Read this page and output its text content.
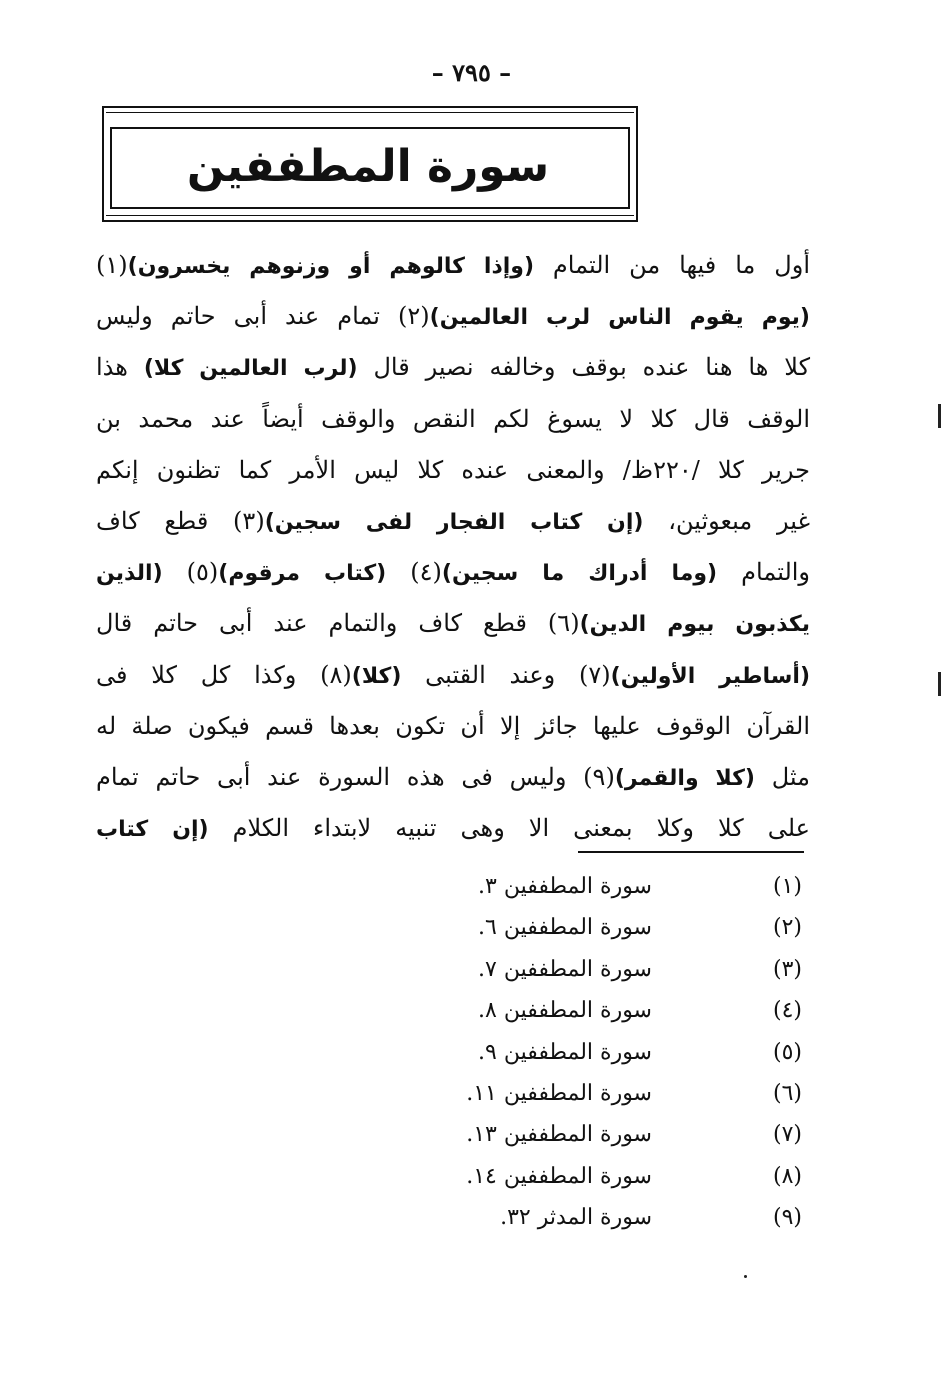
– ٧٩٥ –
سورة المطففين
أول ما فيها من التمام (وإذا كالوهم أو وزنوهم يخسرون)(١)
(يوم يقوم الناس لرب العالمين)(٢) تمام عند أبى حاتم وليس
كلا ها هنا عنده بوقف وخالفه نصير قال (لرب العالمين كلا) هذا
الوقف قال كلا لا يسوغ لكم النقص والوقف أيضاً عند محمد بن
جرير كلا /٢٢٠ظ/ والمعنى عنده كلا ليس الأمر كما تظنون إنكم
غير مبعوثين، (إن كتاب الفجار لفى سجين)(٣) قطع كاف
والتمام (وما أدراك ما سجين)(٤) (كتاب مرقوم)(٥) (الذين
يكذبون بيوم الدين)(٦) قطع كاف والتمام عند أبى حاتم قال
(أساطير الأولين)(٧) وعند القتبى (كلا)(٨) وكذا كل كلا فى
القرآن الوقوف عليها جائز إلا أن تكون بعدها قسم فيكون صلة له
مثل (كلا والقمر)(٩) وليس فى هذه السورة عند أبى حاتم تمام
على كلا وكلا بمعنى الا وهى تنبيه لابتداء الكلام (إن كتاب
(١)
سورة المطففين ٣.
(٢)
سورة المطففين ٦.
(٣)
سورة المطففين ٧.
(٤)
سورة المطففين ٨.
(٥)
سورة المطففين ٩.
(٦)
سورة المطففين ١١.
(٧)
سورة المطففين ١٣.
(٨)
سورة المطففين ١٤.
(٩)
سورة المدثر ٣٢.
